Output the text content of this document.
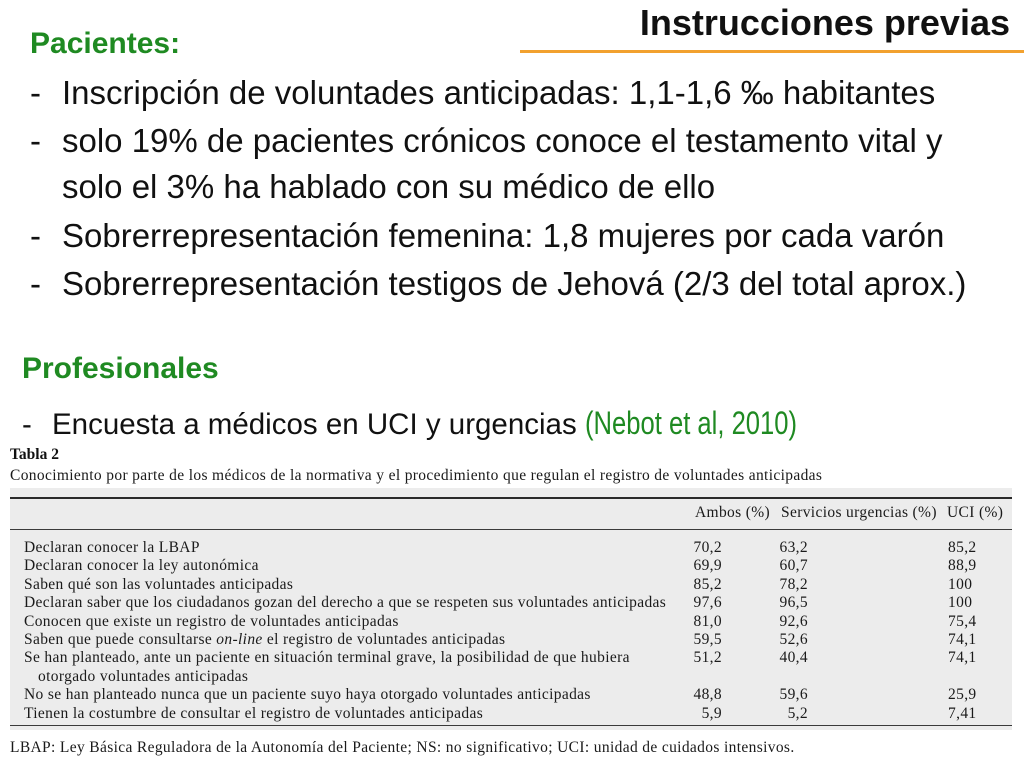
Instrucciones previas
Pacientes:
- Inscripción de voluntades anticipadas: 1,1-1,6 ‰ habitantes
- solo 19% de pacientes crónicos conoce el testamento vital y
solo el 3% ha hablado con su médico de ello
- Sobrerrepresentación femenina: 1,8 mujeres por cada varón
- Sobrerrepresentación testigos de Jehová (2/3 del total aprox.)
Profesionales
- Encuesta a médicos en UCI y urgencias (Nebot et al, 2010)
Tabla 2
Conocimiento por parte de los médicos de la normativa y el procedimiento que regulan el registro de voluntades anticipadas
Ambos (%) Servicios urgencias (%) UCI (%)
Declaran conocer la LBAP	70,2	63,2	85,2
Declaran conocer la ley autonómica	69,9	60,7	88,9
Saben qué son las voluntades anticipadas	85,2	78,2	100
Declaran saber que los ciudadanos gozan del derecho a que se respeten sus voluntades anticipadas	97,6	96,5	100
Conocen que existe un registro de voluntades anticipadas	81,0	92,6	75,4
Saben que puede consultarse on-line el registro de voluntades anticipadas	59,5	52,6	74,1
Se han planteado, ante un paciente en situación terminal grave, la posibilidad de que hubiera
otorgado voluntades anticipadas
51,2	40,4	74,1
No se han planteado nunca que un paciente suyo haya otorgado voluntades anticipadas	48,8	59,6	25,9
Tienen la costumbre de consultar el registro de voluntades anticipadas	5,9	5,2	7,41
LBAP: Ley Básica Reguladora de la Autonomía del Paciente; NS: no significativo; UCI: unidad de cuidados intensivos.
